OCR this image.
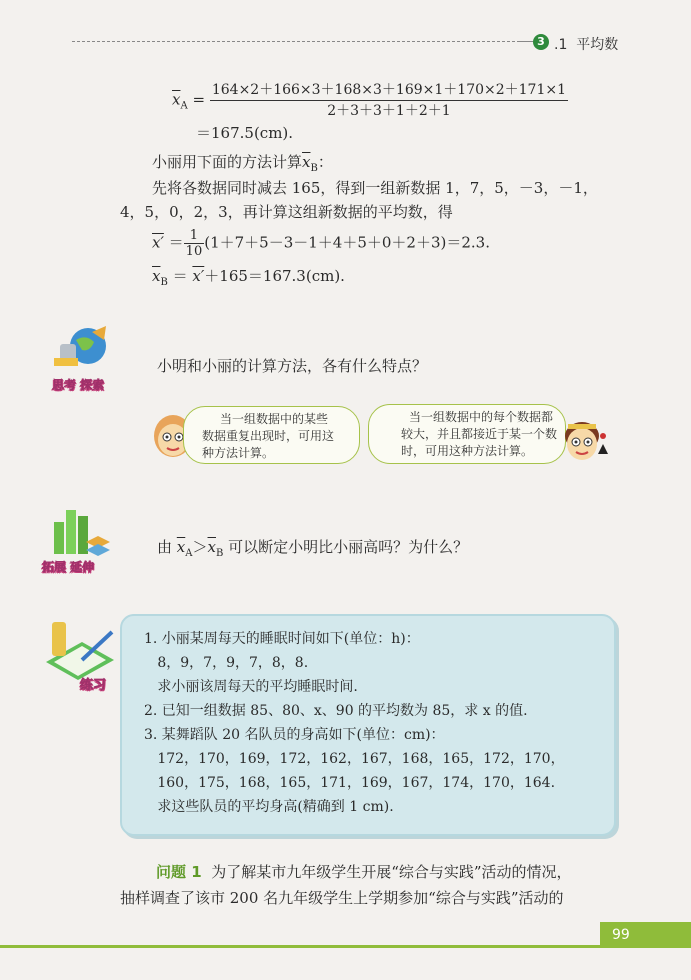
3 .1 平均数
$\overline{x}_A = \frac{164\times 2+166\times 3+168\times 3+169\times 1+170\times 2+171\times 1}{2+3+3+1+2+1}$
＝167.5(cm).
小丽用下面的方法计算$\overline{x}_B$：
先将各数据同时减去 165，得到一组新数据 1，7，5，－3，－1，
4，5，0，2，3，再计算这组新数据的平均数，得
$x' = \frac{1}{10} (1+7+5-3-1+4+5+0+2+3)=2.3$.
$\overline{x}_B = x'+165=167.3(cm)$.
思考 探索
小明和小丽的计算方法，各有什么特点？
当一组数据中的某些
数据重复出现时，可用这
种方法计算。
当一组数据中的每个数据都
较大，并且都接近于某一个数
时，可用这种方法计算。
拓展 延伸
由 $\overline{x}_A>\overline{x}_B$ 可以断定小明比小丽高吗？为什么？
练习
1. 小丽某周每天的睡眠时间如下(单位：h)：
8，9，7，9，7，8，8.
求小丽该周每天的平均睡眠时间.
2. 已知一组数据 85、80、x、90 的平均数为 85，求 x 的值.
3. 某舞蹈队 20 名队员的身高如下(单位：cm)：
172，170，169，172，162，167，168，165，172，170，
160，175，168，165，171，169，167，174，170，164.
求这些队员的平均身高(精确到 1 cm).
问题 1 为了解某市九年级学生开展“综合与实践”活动的情况，
抽样调查了该市 200 名九年级学生上学期参加“综合与实践”活动的
99
